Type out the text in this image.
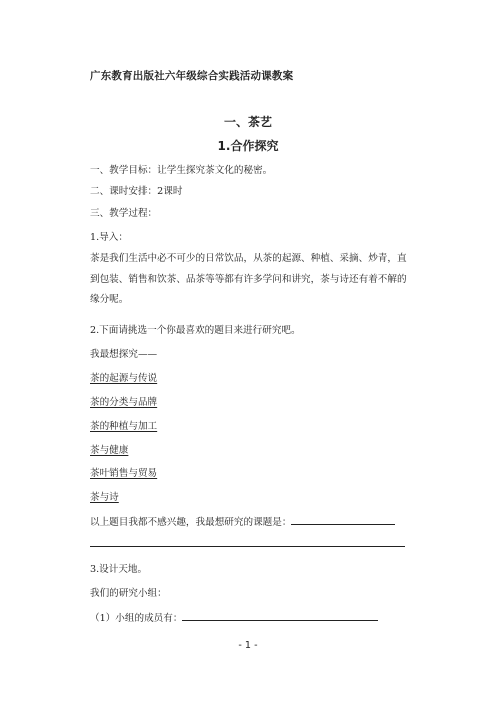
广东教育出版社六年级综合实践活动课教案
一、茶艺
1.合作探究
一、教学目标：让学生探究茶文化的秘密。
二、课时安排：2课时
三、教学过程：
1.导入：
茶是我们生活中必不可少的日常饮品，从茶的起源、种植、采摘、炒青，直到包装、销售和饮茶、品茶等等都有许多学问和讲究，茶与诗还有着不解的缘分呢。
2.下面请挑选一个你最喜欢的题目来进行研究吧。
我最想探究——
茶的起源与传说
茶的分类与品牌
茶的种植与加工
茶与健康
茶叶销售与贸易
茶与诗
以上题目我都不感兴趣，我最想研究的课题是：
3.设计天地。
我们的研究小组：
（1）小组的成员有：
- 1 -
